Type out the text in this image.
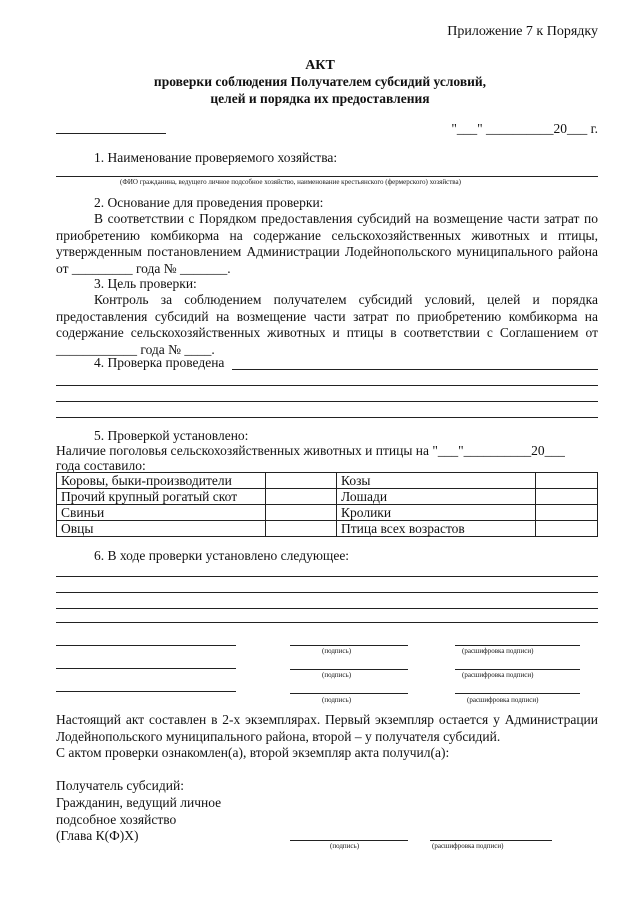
Приложение 7 к Порядку
АКТ
проверки соблюдения Получателем субсидий условий,
целей и порядка их предоставления
"___" __________20___ г.
1. Наименование проверяемого хозяйства:
(ФИО гражданина, ведущего личное подсобное хозяйство, наименование крестьянского (фермерского) хозяйства)
2. Основание для проведения проверки:
В соответствии с Порядком предоставления субсидий на возмещение части затрат по приобретению комбикорма на содержание сельскохозяйственных животных и птицы, утвержденным постановлением Администрации Лодейнопольского муниципального района от _________ года № _______.
3. Цель проверки:
Контроль за соблюдением получателем субсидий условий, целей и порядка предоставления субсидий на возмещение части затрат по приобретению комбикорма на содержание сельскохозяйственных животных и птицы в соответствии с Соглашением от ____________ года № ____.
4. Проверка проведена
5. Проверкой установлено:
Наличие поголовья сельскохозяйственных животных и птицы на "___"__________20___
года составило:
Коровы, быки-производители		Козы	
Прочий крупный рогатый скот		Лошади	
Свиньи		Кролики	
Овцы		Птица всех возрастов	
6. В ходе проверки установлено следующее:
(подпись)	(расшифровка подписи)
(подпись)	(расшифровка подписи)
(подпись)	(расшифровка подписи)
Настоящий акт составлен в 2-х экземплярах. Первый экземпляр остается у Администрации Лодейнопольского муниципального района, второй – у получателя субсидий.
С актом проверки ознакомлен(а), второй экземпляр акта получил(а):
Получатель субсидий:
Гражданин, ведущий личное
подсобное хозяйство
(Глава К(Ф)Х)
(подпись)	(расшифровка подписи)
